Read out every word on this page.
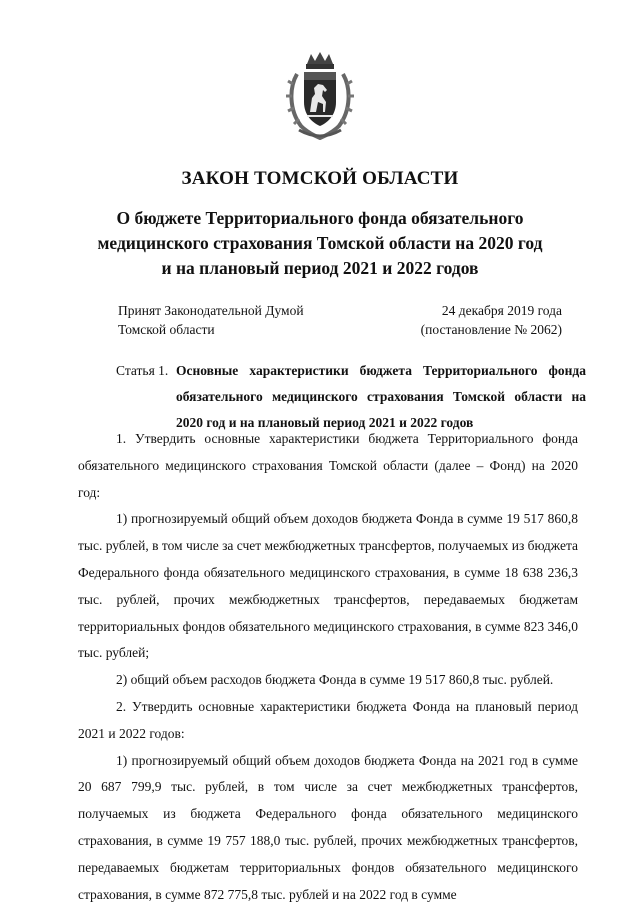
ЗАКОН ТОМСКОЙ ОБЛАСТИ
О бюджете Территориального фонда обязательного
медицинского страхования Томской области на 2020 год
и на плановый период 2021 и 2022 годов
Принят Законодательной Думой
Томской области
24 декабря 2019 года
(постановление № 2062)
Статья 1. Основные характеристики бюджета Территориального фонда обязательного медицинского страхования Томской области на 2020 год и на плановый период 2021 и 2022 годов

1. Утвердить основные характеристики бюджета Территориального фонда обязательного медицинского страхования Томской области (далее – Фонд) на 2020 год:

1) прогнозируемый общий объем доходов бюджета Фонда в сумме 19 517 860,8 тыс. рублей, в том числе за счет межбюджетных трансфертов, получаемых из бюджета Федерального фонда обязательного медицинского страхования, в сумме 18 638 236,3 тыс. рублей, прочих межбюджетных трансфертов, передаваемых бюджетам территориальных фондов обязательного медицинского страхования, в сумме 823 346,0 тыс. рублей;

2) общий объем расходов бюджета Фонда в сумме 19 517 860,8 тыс. рублей.

2. Утвердить основные характеристики бюджета Фонда на плановый период 2021 и 2022 годов:

1) прогнозируемый общий объем доходов бюджета Фонда на 2021 год в сумме 20 687 799,9 тыс. рублей, в том числе за счет межбюджетных трансфертов, получаемых из бюджета Федерального фонда обязательного медицинского страхования, в сумме 19 757 188,0 тыс. рублей, прочих межбюджетных трансфертов, передаваемых бюджетам территориальных фондов обязательного медицинского страхования, в сумме 872 775,8 тыс. рублей и на 2022 год в сумме
